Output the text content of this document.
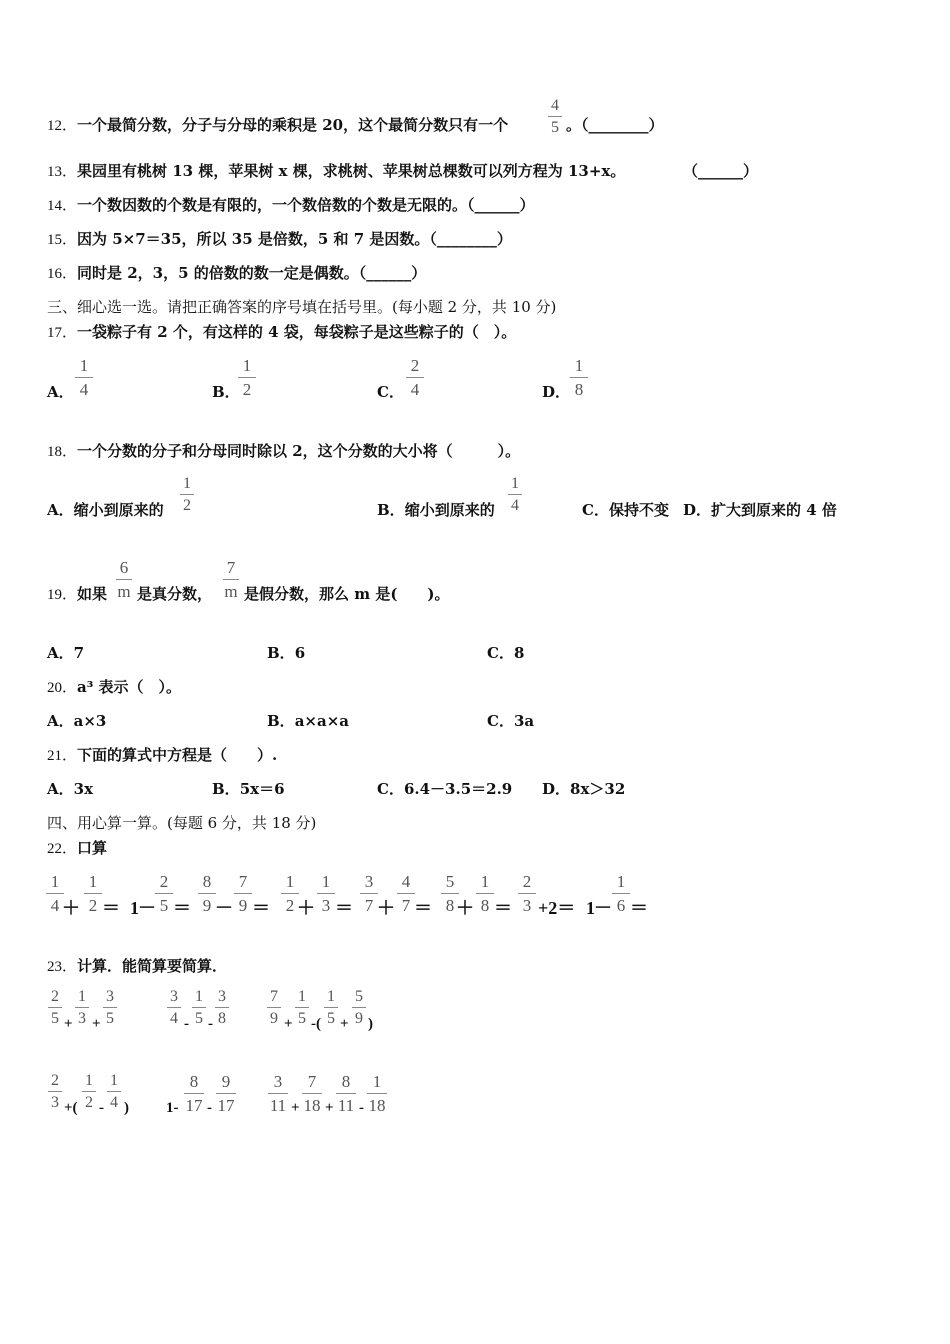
12．一个最简分数，分子与分母的乘积是 20，这个最简分数只有一个
4
5 。（________）
13．果园里有桃树 13 棵，苹果树 x 棵，求桃树、苹果树总棵数可以列方程为 13+x。	（______）
14．一个数因数的个数是有限的，一个数倍数的个数是无限的。（______）
15．因为 5×7＝35，所以 35 是倍数，5 和 7 是因数。（________）
16．同时是 2，3，5 的倍数的数一定是偶数。（______）
三、细心选一选。请把正确答案的序号填在括号里。(每小题 2 分，共 10 分)
17．一袋粽子有 2 个，有这样的 4 袋，每袋粽子是这些粽子的（　）。
A．
1
4	B．
1
2	C．
2
4	D．
1
8
18．一个分数的分子和分母同时除以 2，这个分数的大小将（　　　）。
A．缩小到原来的
1
2	B．缩小到原来的
1
4	C．保持不变 D．扩大到原来的 4 倍
19．如果
6
m 是真分数，
7
m 是假分数，那么 m 是(　　)。
A．7	B．6	C．8
20．a³ 表示（　）。
A．a×3	B．a×a×a	C．3a
21．下面的算式中方程是（　　）.
A．3x	B．5x＝6	C．6.4－3.5＝2.9 D．8x＞32
四、用心算一算。(每题 6 分，共 18 分)
22．口算
1
4 ＋
1
2 ＝ 1 －
2
5 ＝
8
9 －
7
9 ＝
1
2 ＋
1
3 ＝
3
7 ＋
4
7 ＝
5
8 ＋
1
8 ＝
2
3 +2＝ 1 －
1
6 ＝
23．计算．能简算要简算．
2
5 +
1
3 +
3
5
3
4 -
1
5 -
3
8
7
9 +
1
5 -(
1
5 +
5
9 )
2
3 +(
1
2 -
1
4 ) 1-
8
17 -
9
17
3
11 +
7
18 +
8
11 -
1
18
